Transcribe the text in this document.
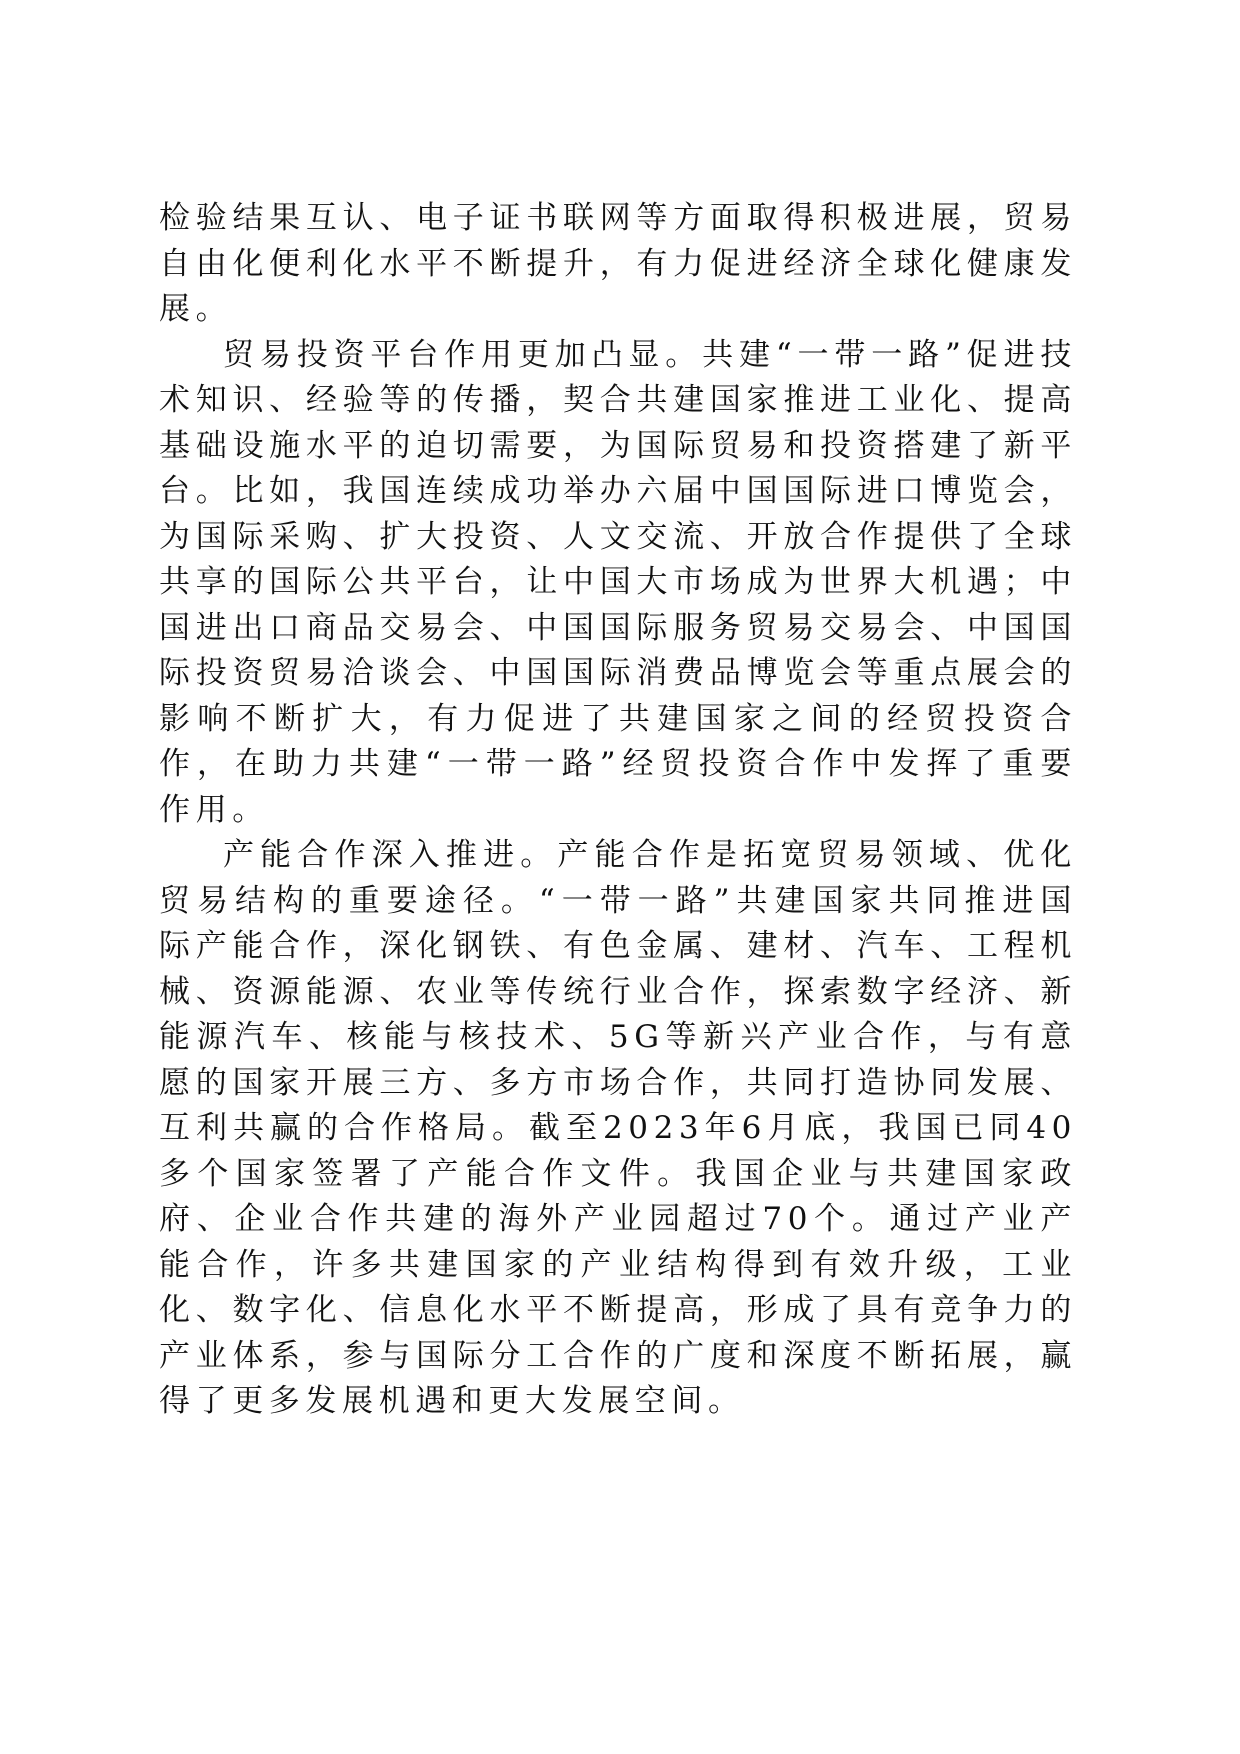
检验结果互认、电子证书联网等方面取得积极进展，贸易自由化便利化水平不断提升，有力促进经济全球化健康发展。

贸易投资平台作用更加凸显。共建“一带一路”促进技术知识、经验等的传播，契合共建国家推进工业化、提高基础设施水平的迫切需要，为国际贸易和投资搭建了新平台。比如，我国连续成功举办六届中国国际进口博览会，为国际采购、扩大投资、人文交流、开放合作提供了全球共享的国际公共平台，让中国大市场成为世界大机遇；中国进出口商品交易会、中国国际服务贸易交易会、中国国际投资贸易洽谈会、中国国际消费品博览会等重点展会的影响不断扩大，有力促进了共建国家之间的经贸投资合作，在助力共建“一带一路”经贸投资合作中发挥了重要作用。

产能合作深入推进。产能合作是拓宽贸易领域、优化贸易结构的重要途径。“一带一路”共建国家共同推进国际产能合作，深化钢铁、有色金属、建材、汽车、工程机械、资源能源、农业等传统行业合作，探索数字经济、新能源汽车、核能与核技术、5G等新兴产业合作，与有意愿的国家开展三方、多方市场合作，共同打造协同发展、互利共赢的合作格局。截至2023年6月底，我国已同40多个国家签署了产能合作文件。我国企业与共建国家政府、企业合作共建的海外产业园超过70个。通过产业产能合作，许多共建国家的产业结构得到有效升级，工业化、数字化、信息化水平不断提高，形成了具有竞争力的产业体系，参与国际分工合作的广度和深度不断拓展，赢得了更多发展机遇和更大发展空间。
